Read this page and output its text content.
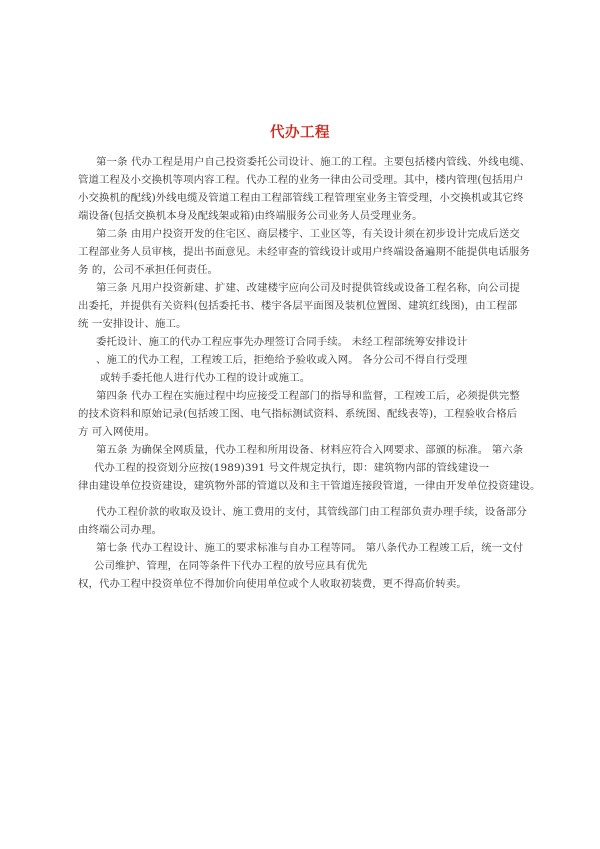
代办工程
第一条 代办工程是用户自己投资委托公司设计、施工的工程。主要包括楼内管线、外线电缆、
管道工程及小交换机等项内容工程。代办工程的业务一律由公司受理。其中，楼内管理(包括用户
小交换机的配线)外线电缆及管道工程由工程部管线工程管理室业务主管受理，小交换机或其它终
端设备(包括交换机本身及配线架或箱)由终端服务公司业务人员受理业务。
第二条 由用户投资开发的住宅区、商层楼宇、工业区等，有关设计须在初步设计完成后送交
工程部业务人员审核，提出书面意见。未经审查的管线设计或用户终端设备遍期不能提供电话服务
务 的，公司不承担任何责任。
第三条 凡用户投资新建、扩建、改建楼宇应向公司及时提供管线或设备工程名称，向公司提
出委托，并提供有关资料(包括委托书、楼宇各层平面图及装机位置图、建筑红线图)，由工程部
统 一安排设计、施工。
委托设计、施工的代办工程应事先办理签订合同手续。 未经工程部统筹安排设计
、施工的代办工程，工程竣工后，拒绝给予验收或入网。 各分公司不得自行受理
或转手委托他人进行代办工程的设计或施工。
第四条 代办工程在实施过程中均应接受工程部门的指导和监督，工程竣工后，必须提供完整
的技术资料和原始记录(包括竣工图、电气指标测试资料、系统图、配线表等)，工程验收合格后
方 可入网使用。
第五条 为确保全网质量，代办工程和所用设备、材料应符合入网要求、部颁的标准。 第六条
代办工程的投资划分应按(1989)391 号文件规定执行，即：建筑物内部的管线建设一
律由建设单位投资建设，建筑物外部的管道以及和主干管道连接段管道，一律由开发单位投资建设。
代办工程价款的收取及设计、施工费用的支付，其管线部门由工程部负责办理手续，设备部分
由终端公司办理。
第七条 代办工程设计、施工的要求标准与自办工程等同。 第八条代办工程竣工后，统一文付
公司维护、管理，在同等条件下代办工程的放号应具有优先
权，代办工程中投资单位不得加价向使用单位或个人收取初装费，更不得高价转卖。
